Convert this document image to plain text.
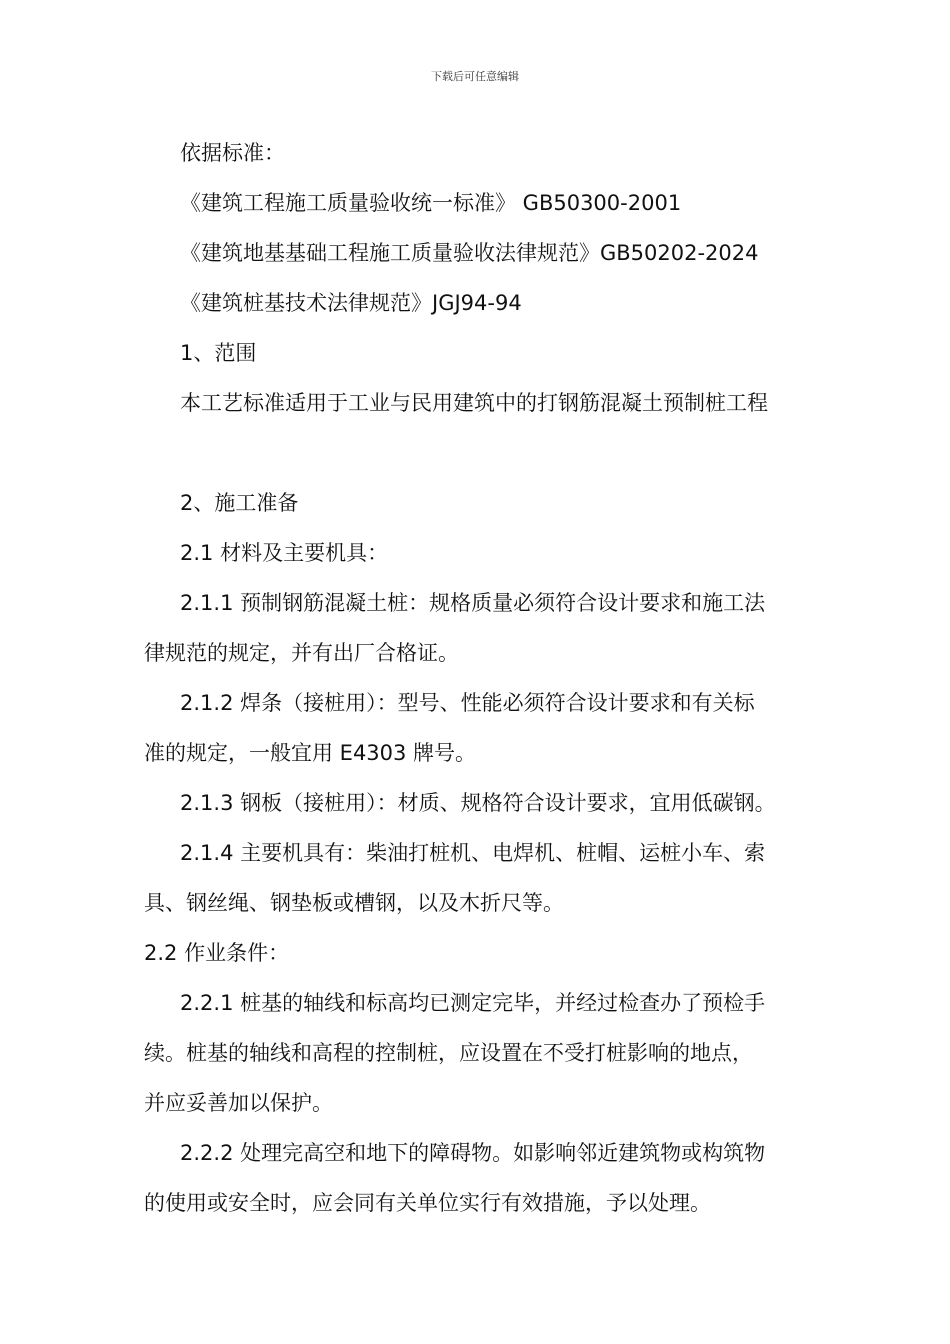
下载后可任意编辑
依据标准：
《建筑工程施工质量验收统一标准》 GB50300-2001
《建筑地基基础工程施工质量验收法律规范》GB50202-2024
《建筑桩基技术法律规范》JGJ94-94
1、范围
本工艺标准适用于工业与民用建筑中的打钢筋混凝土预制桩工程
2、施工准备
2.1 材料及主要机具：
2.1.1 预制钢筋混凝土桩：规格质量必须符合设计要求和施工法
律规范的规定，并有出厂合格证。
2.1.2 焊条（接桩用）：型号、性能必须符合设计要求和有关标
准的规定，一般宜用 E4303 牌号。
2.1.3 钢板（接桩用）：材质、规格符合设计要求，宜用低碳钢。
2.1.4 主要机具有：柴油打桩机、电焊机、桩帽、运桩小车、索
具、钢丝绳、钢垫板或槽钢，以及木折尺等。
2.2 作业条件：
2.2.1 桩基的轴线和标高均已测定完毕，并经过检查办了预检手
续。桩基的轴线和高程的控制桩，应设置在不受打桩影响的地点，
并应妥善加以保护。
2.2.2 处理完高空和地下的障碍物。如影响邻近建筑物或构筑物
的使用或安全时，应会同有关单位实行有效措施，予以处理。
